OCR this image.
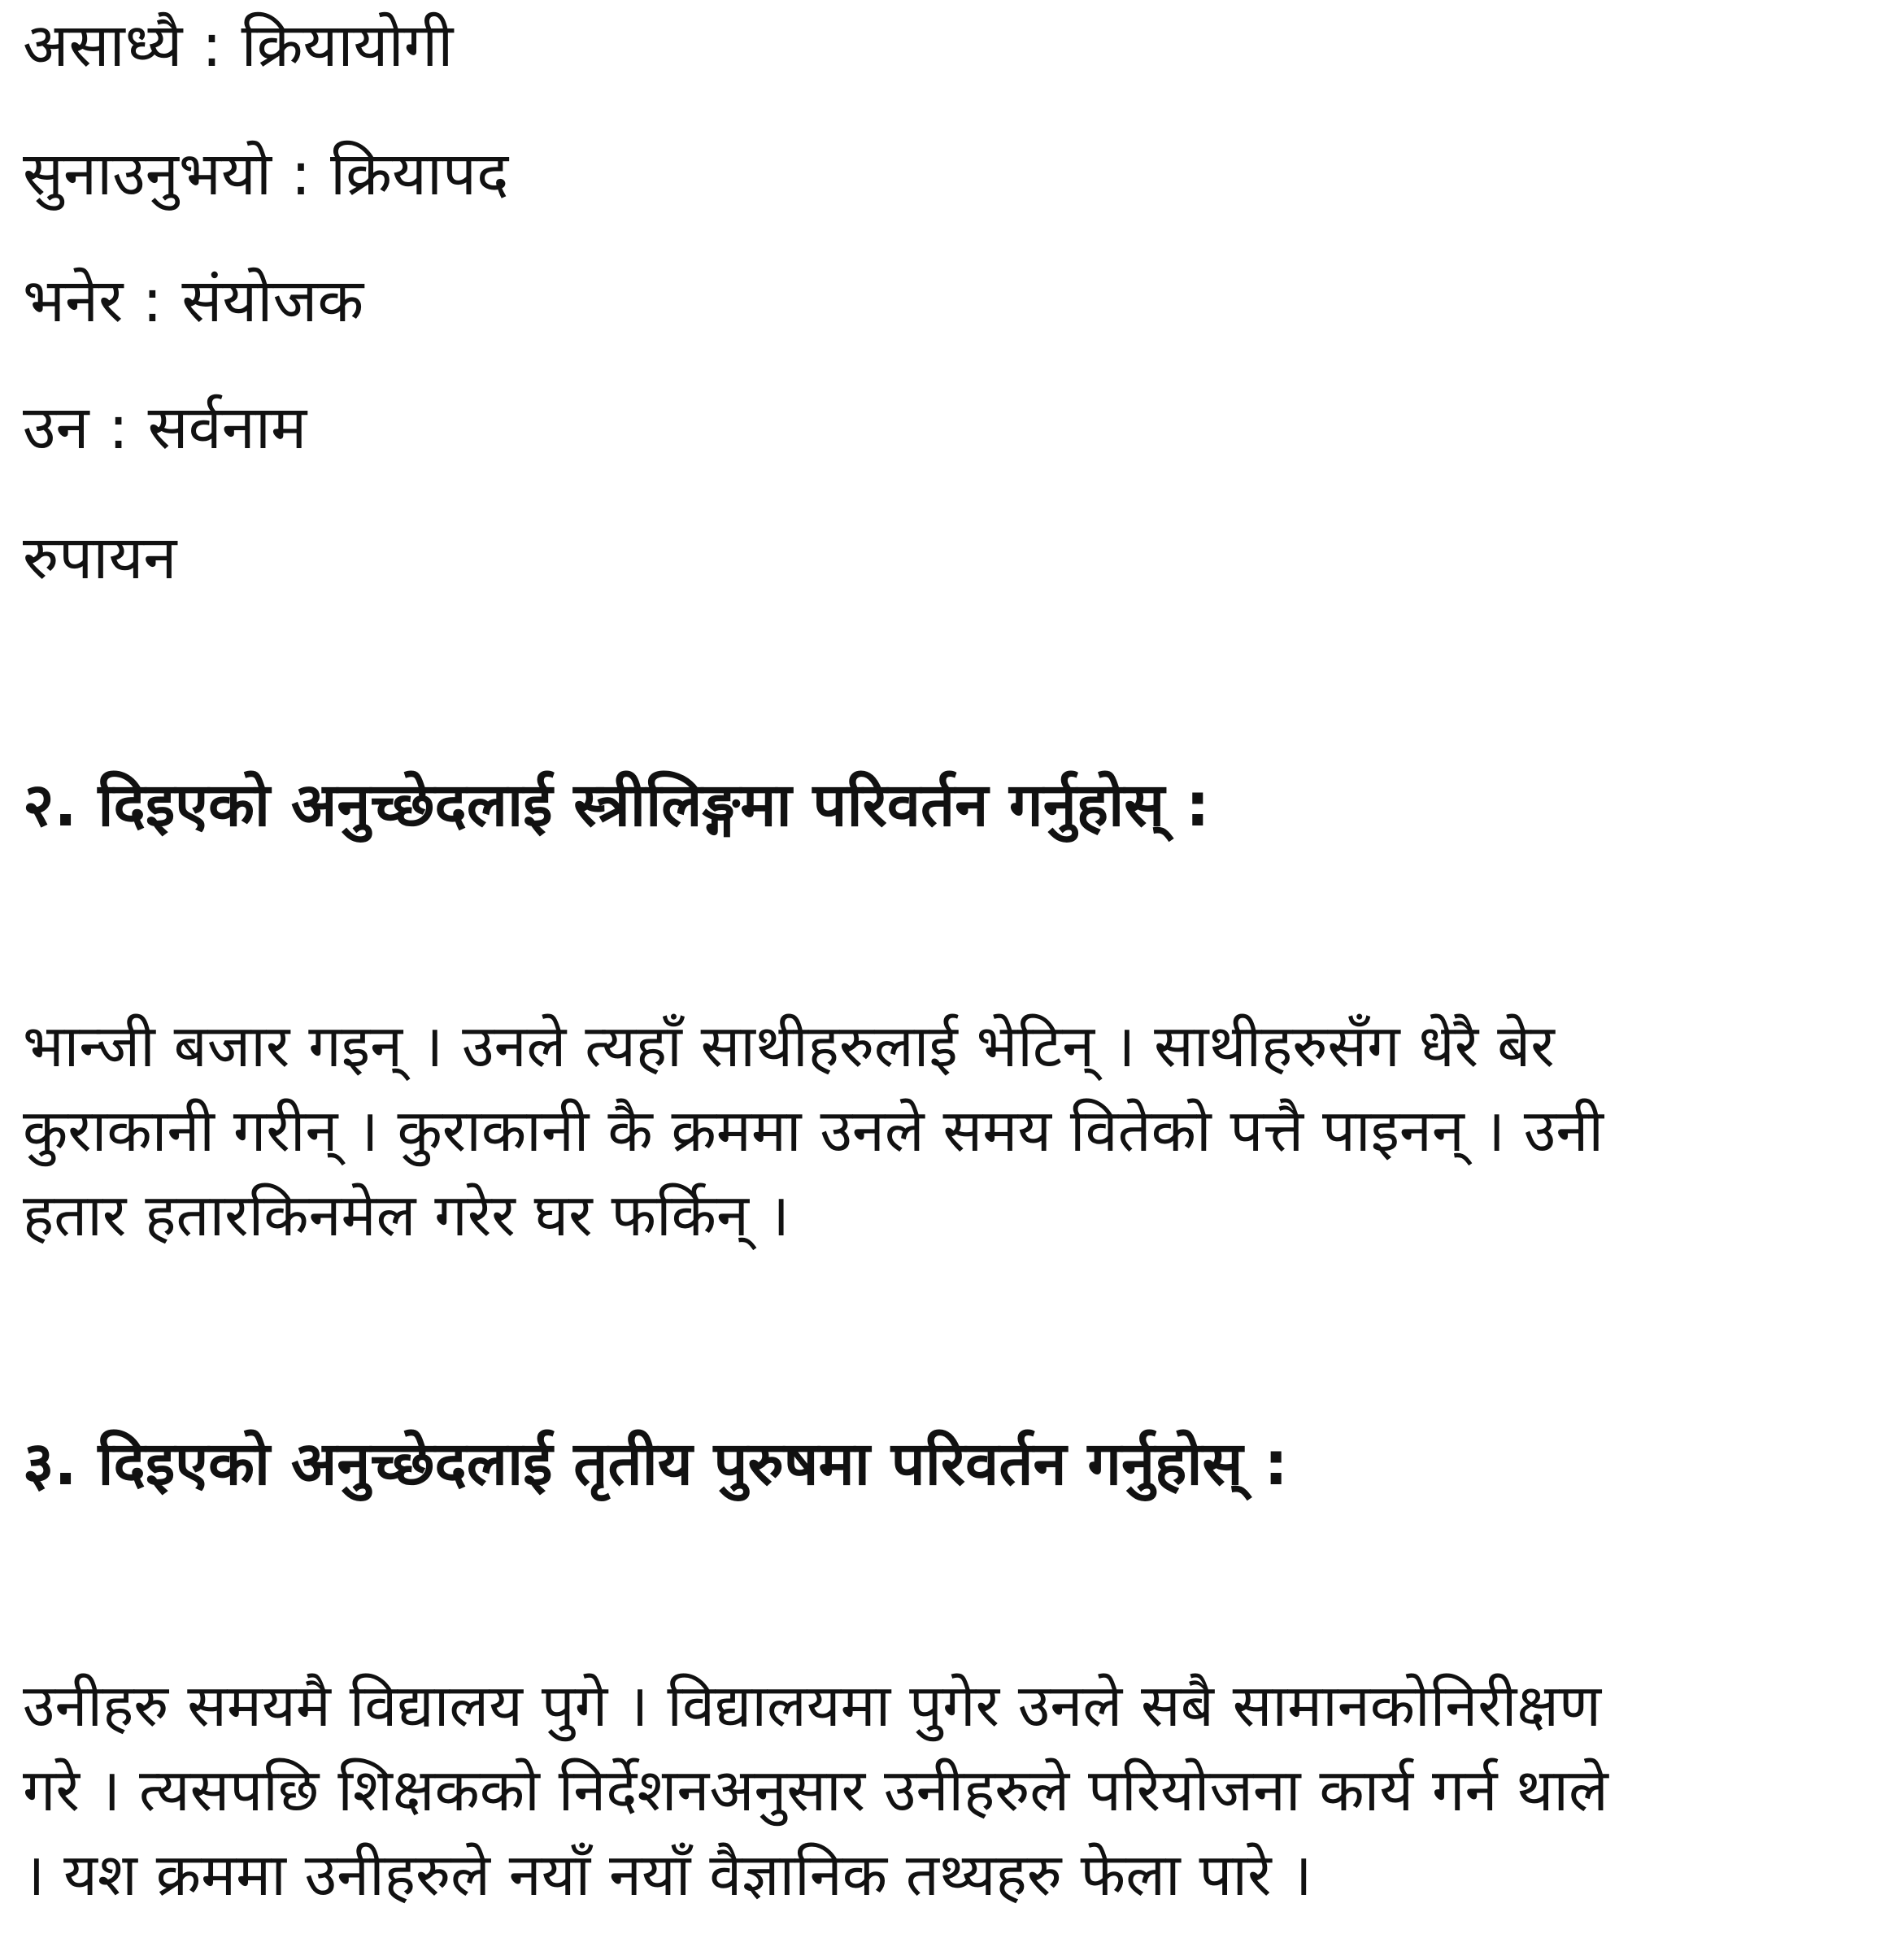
असाध्यै : क्रियायोगी
सुनाउनुभयो : क्रियापद
भनेर : संयोजक
उन : सर्वनाम
रुपायन
२. दिइएको अनुच्छेदलाई स्त्रीलिङ्गमा परिवर्तन गर्नुहोस् :
भान्जी बजार गइन् । उनले त्यहाँ साथीहरुलाई भेटिन् । साथीहरुसँग धेरै बेर
कुराकानी गरीन् । कुराकानी कै क्रममा उनले समय वितेको पत्तै पाइनन् । उनी
हतार हतारकिनमेल गरेर घर फर्किन् ।
३. दिइएको अनुच्छेदलाई तृतीय पुरुषमा परिवर्तन गर्नुहोस् :
उनीहरु समयमै विद्यालय पुगे । विद्यालयमा पुगेर उनले सबै सामानकोनिरीक्षण
गरे । त्यसपछि शिक्षकको निर्देशनअनुसार उनीहरुले परियोजना कार्य गर्न थाले
। यश क्रममा उनीहरुले नयाँ नयाँ वैज्ञानिक तथ्यहरु फेला पारे ।
